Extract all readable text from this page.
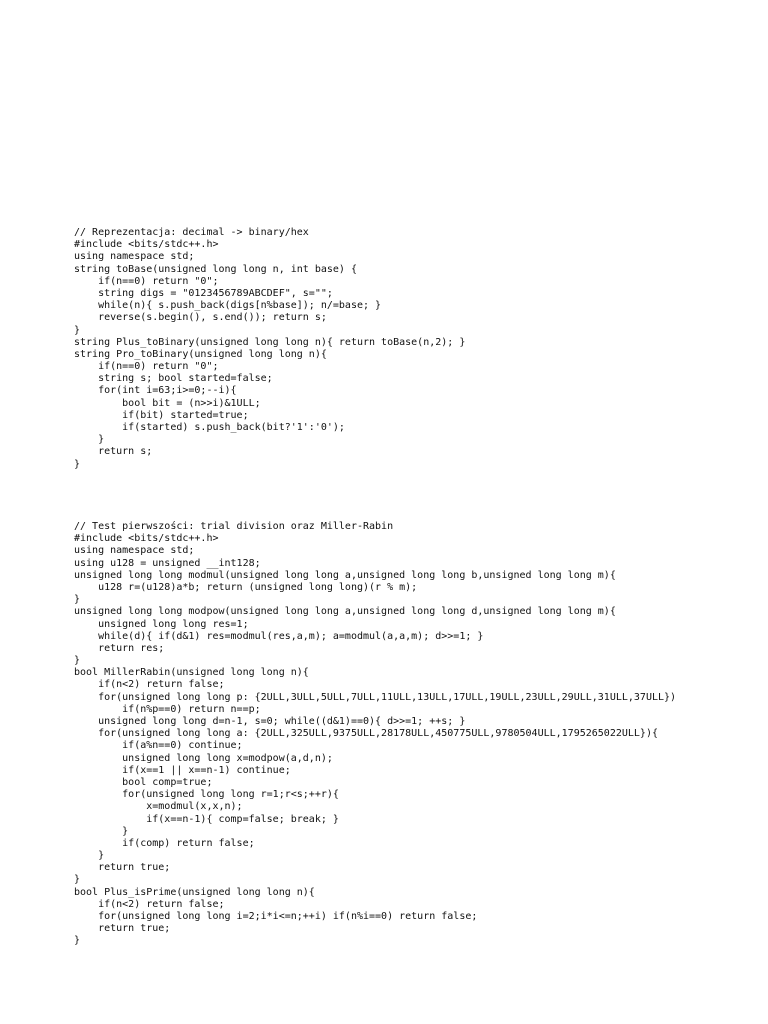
// Reprezentacja: decimal -> binary/hex
#include <bits/stdc++.h>
using namespace std;
string toBase(unsigned long long n, int base) {
if(n==0) return "0";
string digs = "0123456789ABCDEF", s="";
while(n){ s.push_back(digs[n%base]); n/=base; }
reverse(s.begin(), s.end()); return s;
}
string Plus_toBinary(unsigned long long n){ return toBase(n,2); }
string Pro_toBinary(unsigned long long n){
if(n==0) return "0";
string s; bool started=false;
for(int i=63;i>=0;--i){
bool bit = (n>>i)&1ULL;
if(bit) started=true;
if(started) s.push_back(bit?'1':'0');
}
return s;
}
// Test pierwszości: trial division oraz Miller-Rabin
#include <bits/stdc++.h>
using namespace std;
using u128 = unsigned __int128;
unsigned long long modmul(unsigned long long a,unsigned long long b,unsigned long long m){
u128 r=(u128)a*b; return (unsigned long long)(r % m);
}
unsigned long long modpow(unsigned long long a,unsigned long long d,unsigned long long m){
unsigned long long res=1;
while(d){ if(d&1) res=modmul(res,a,m); a=modmul(a,a,m); d>>=1; }
return res;
}
bool MillerRabin(unsigned long long n){
if(n<2) return false;
for(unsigned long long p: {2ULL,3ULL,5ULL,7ULL,11ULL,13ULL,17ULL,19ULL,23ULL,29ULL,31ULL,37ULL})
if(n%p==0) return n==p;
unsigned long long d=n-1, s=0; while((d&1)==0){ d>>=1; ++s; }
for(unsigned long long a: {2ULL,325ULL,9375ULL,28178ULL,450775ULL,9780504ULL,1795265022ULL}){
if(a%n==0) continue;
unsigned long long x=modpow(a,d,n);
if(x==1 || x==n-1) continue;
bool comp=true;
for(unsigned long long r=1;r<s;++r){
x=modmul(x,x,n);
if(x==n-1){ comp=false; break; }
}
if(comp) return false;
}
return true;
}
bool Plus_isPrime(unsigned long long n){
if(n<2) return false;
for(unsigned long long i=2;i*i<=n;++i) if(n%i==0) return false;
return true;
}
